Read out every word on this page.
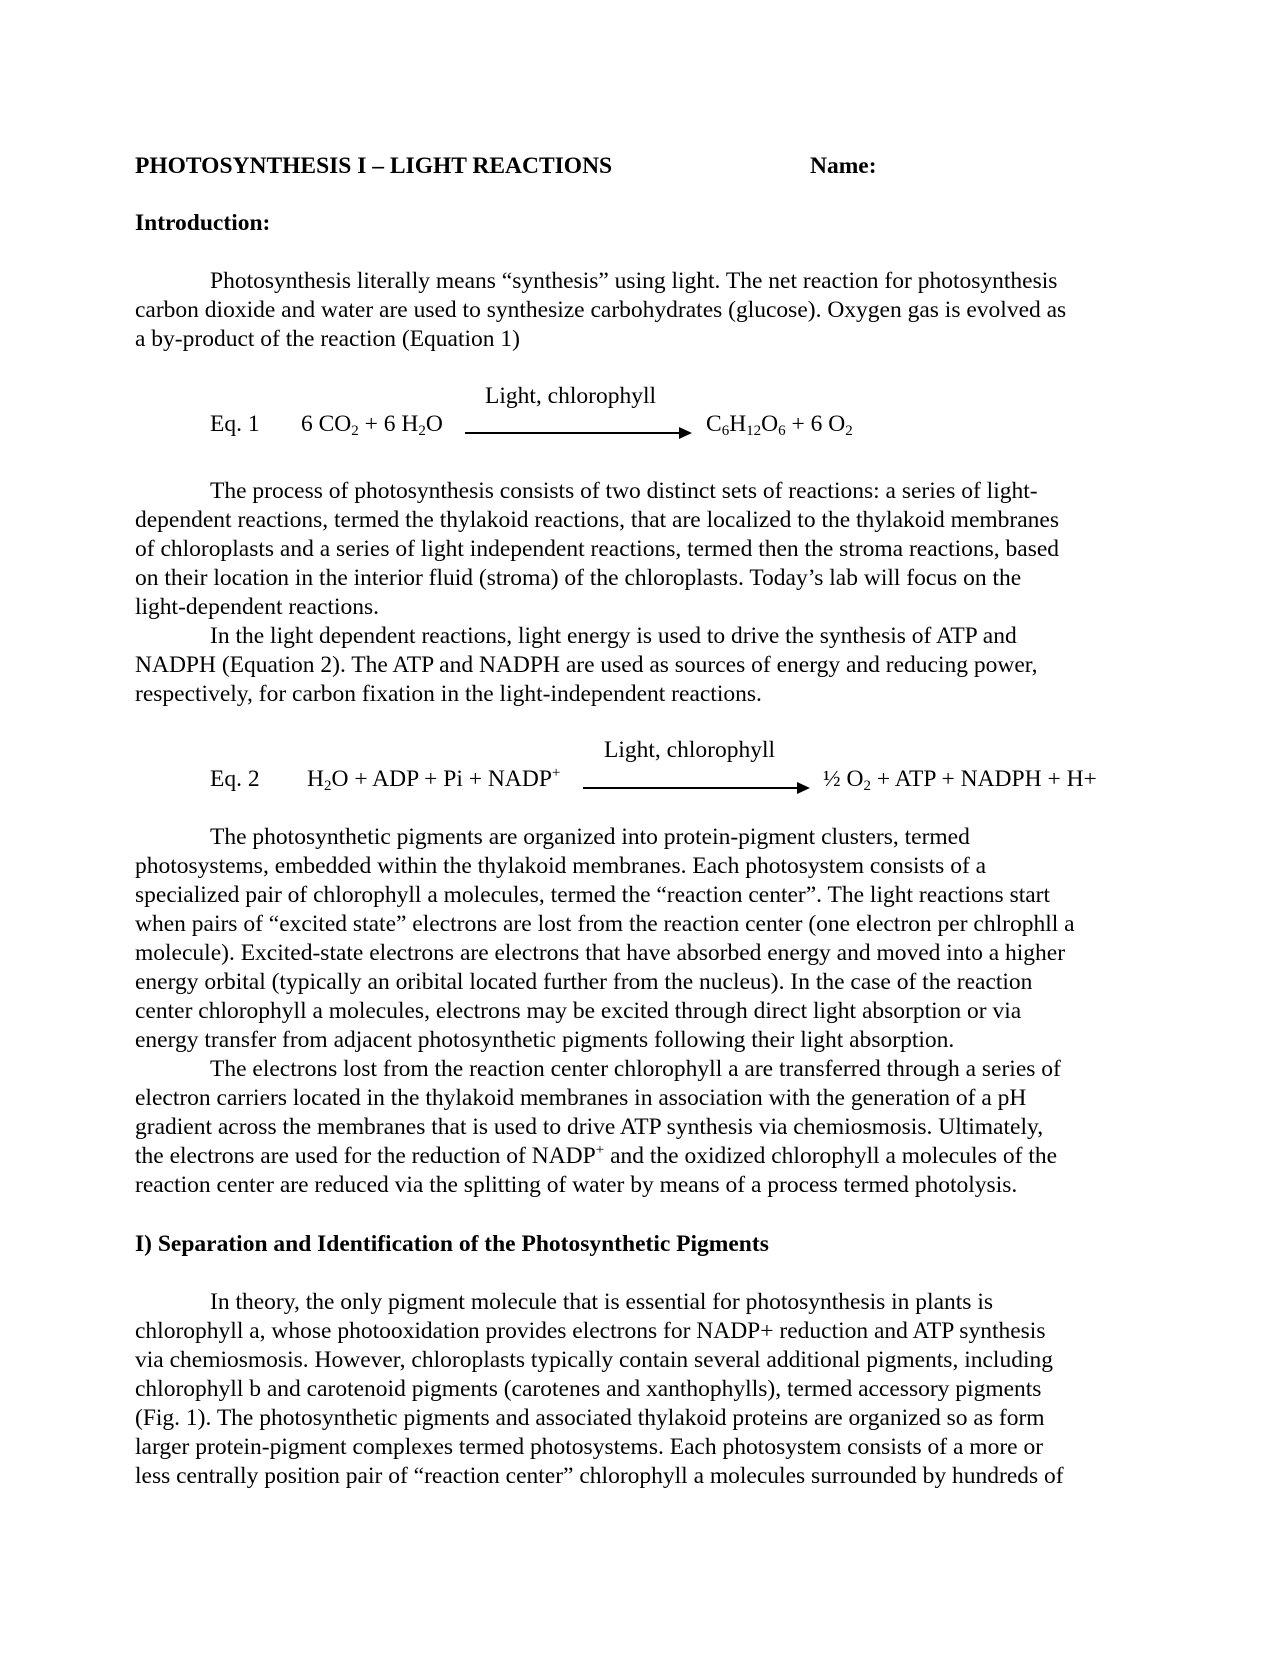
PHOTOSYNTHESIS I – LIGHT REACTIONS	Name:
Introduction:
Photosynthesis literally means “synthesis” using light. The net reaction for photosynthesis
carbon dioxide and water are used to synthesize carbohydrates (glucose). Oxygen gas is evolved as
a by-product of the reaction (Equation 1)
Light, chlorophyll
Eq. 1 6 $CO_2 + 6$ $H_2O$	$C_6H_{12}O_6 + 6$ $O_2$
The process of photosynthesis consists of two distinct sets of reactions: a series of light-
dependent reactions, termed the thylakoid reactions, that are localized to the thylakoid membranes
of chloroplasts and a series of light independent reactions, termed then the stroma reactions, based
on their location in the interior fluid (stroma) of the chloroplasts. Today’s lab will focus on the
light-dependent reactions.
In the light dependent reactions, light energy is used to drive the synthesis of ATP and
NADPH (Equation 2). The ATP and NADPH are used as sources of energy and reducing power,
respectively, for carbon fixation in the light-independent reactions.
Light, chlorophyll
Eq. 2 $H_2O$ + ADP + Pi + NADP+	½ $O_2$ + ATP + NADPH + H+
The photosynthetic pigments are organized into protein-pigment clusters, termed
photosystems, embedded within the thylakoid membranes. Each photosystem consists of a
specialized pair of chlorophyll a molecules, termed the “reaction center”. The light reactions start
when pairs of “excited state” electrons are lost from the reaction center (one electron per chlrophll a
molecule). Excited-state electrons are electrons that have absorbed energy and moved into a higher
energy orbital (typically an oribital located further from the nucleus). In the case of the reaction
center chlorophyll a molecules, electrons may be excited through direct light absorption or via
energy transfer from adjacent photosynthetic pigments following their light absorption.
The electrons lost from the reaction center chlorophyll a are transferred through a series of
electron carriers located in the thylakoid membranes in association with the generation of a pH
gradient across the membranes that is used to drive ATP synthesis via chemiosmosis. Ultimately,
the electrons are used for the reduction of NADP+ and the oxidized chlorophyll a molecules of the
reaction center are reduced via the splitting of water by means of a process termed photolysis.
I) Separation and Identification of the Photosynthetic Pigments
In theory, the only pigment molecule that is essential for photosynthesis in plants is
chlorophyll a, whose photooxidation provides electrons for NADP+ reduction and ATP synthesis
via chemiosmosis. However, chloroplasts typically contain several additional pigments, including
chlorophyll b and carotenoid pigments (carotenes and xanthophylls), termed accessory pigments
(Fig. 1). The photosynthetic pigments and associated thylakoid proteins are organized so as form
larger protein-pigment complexes termed photosystems. Each photosystem consists of a more or
less centrally position pair of “reaction center” chlorophyll a molecules surrounded by hundreds of
